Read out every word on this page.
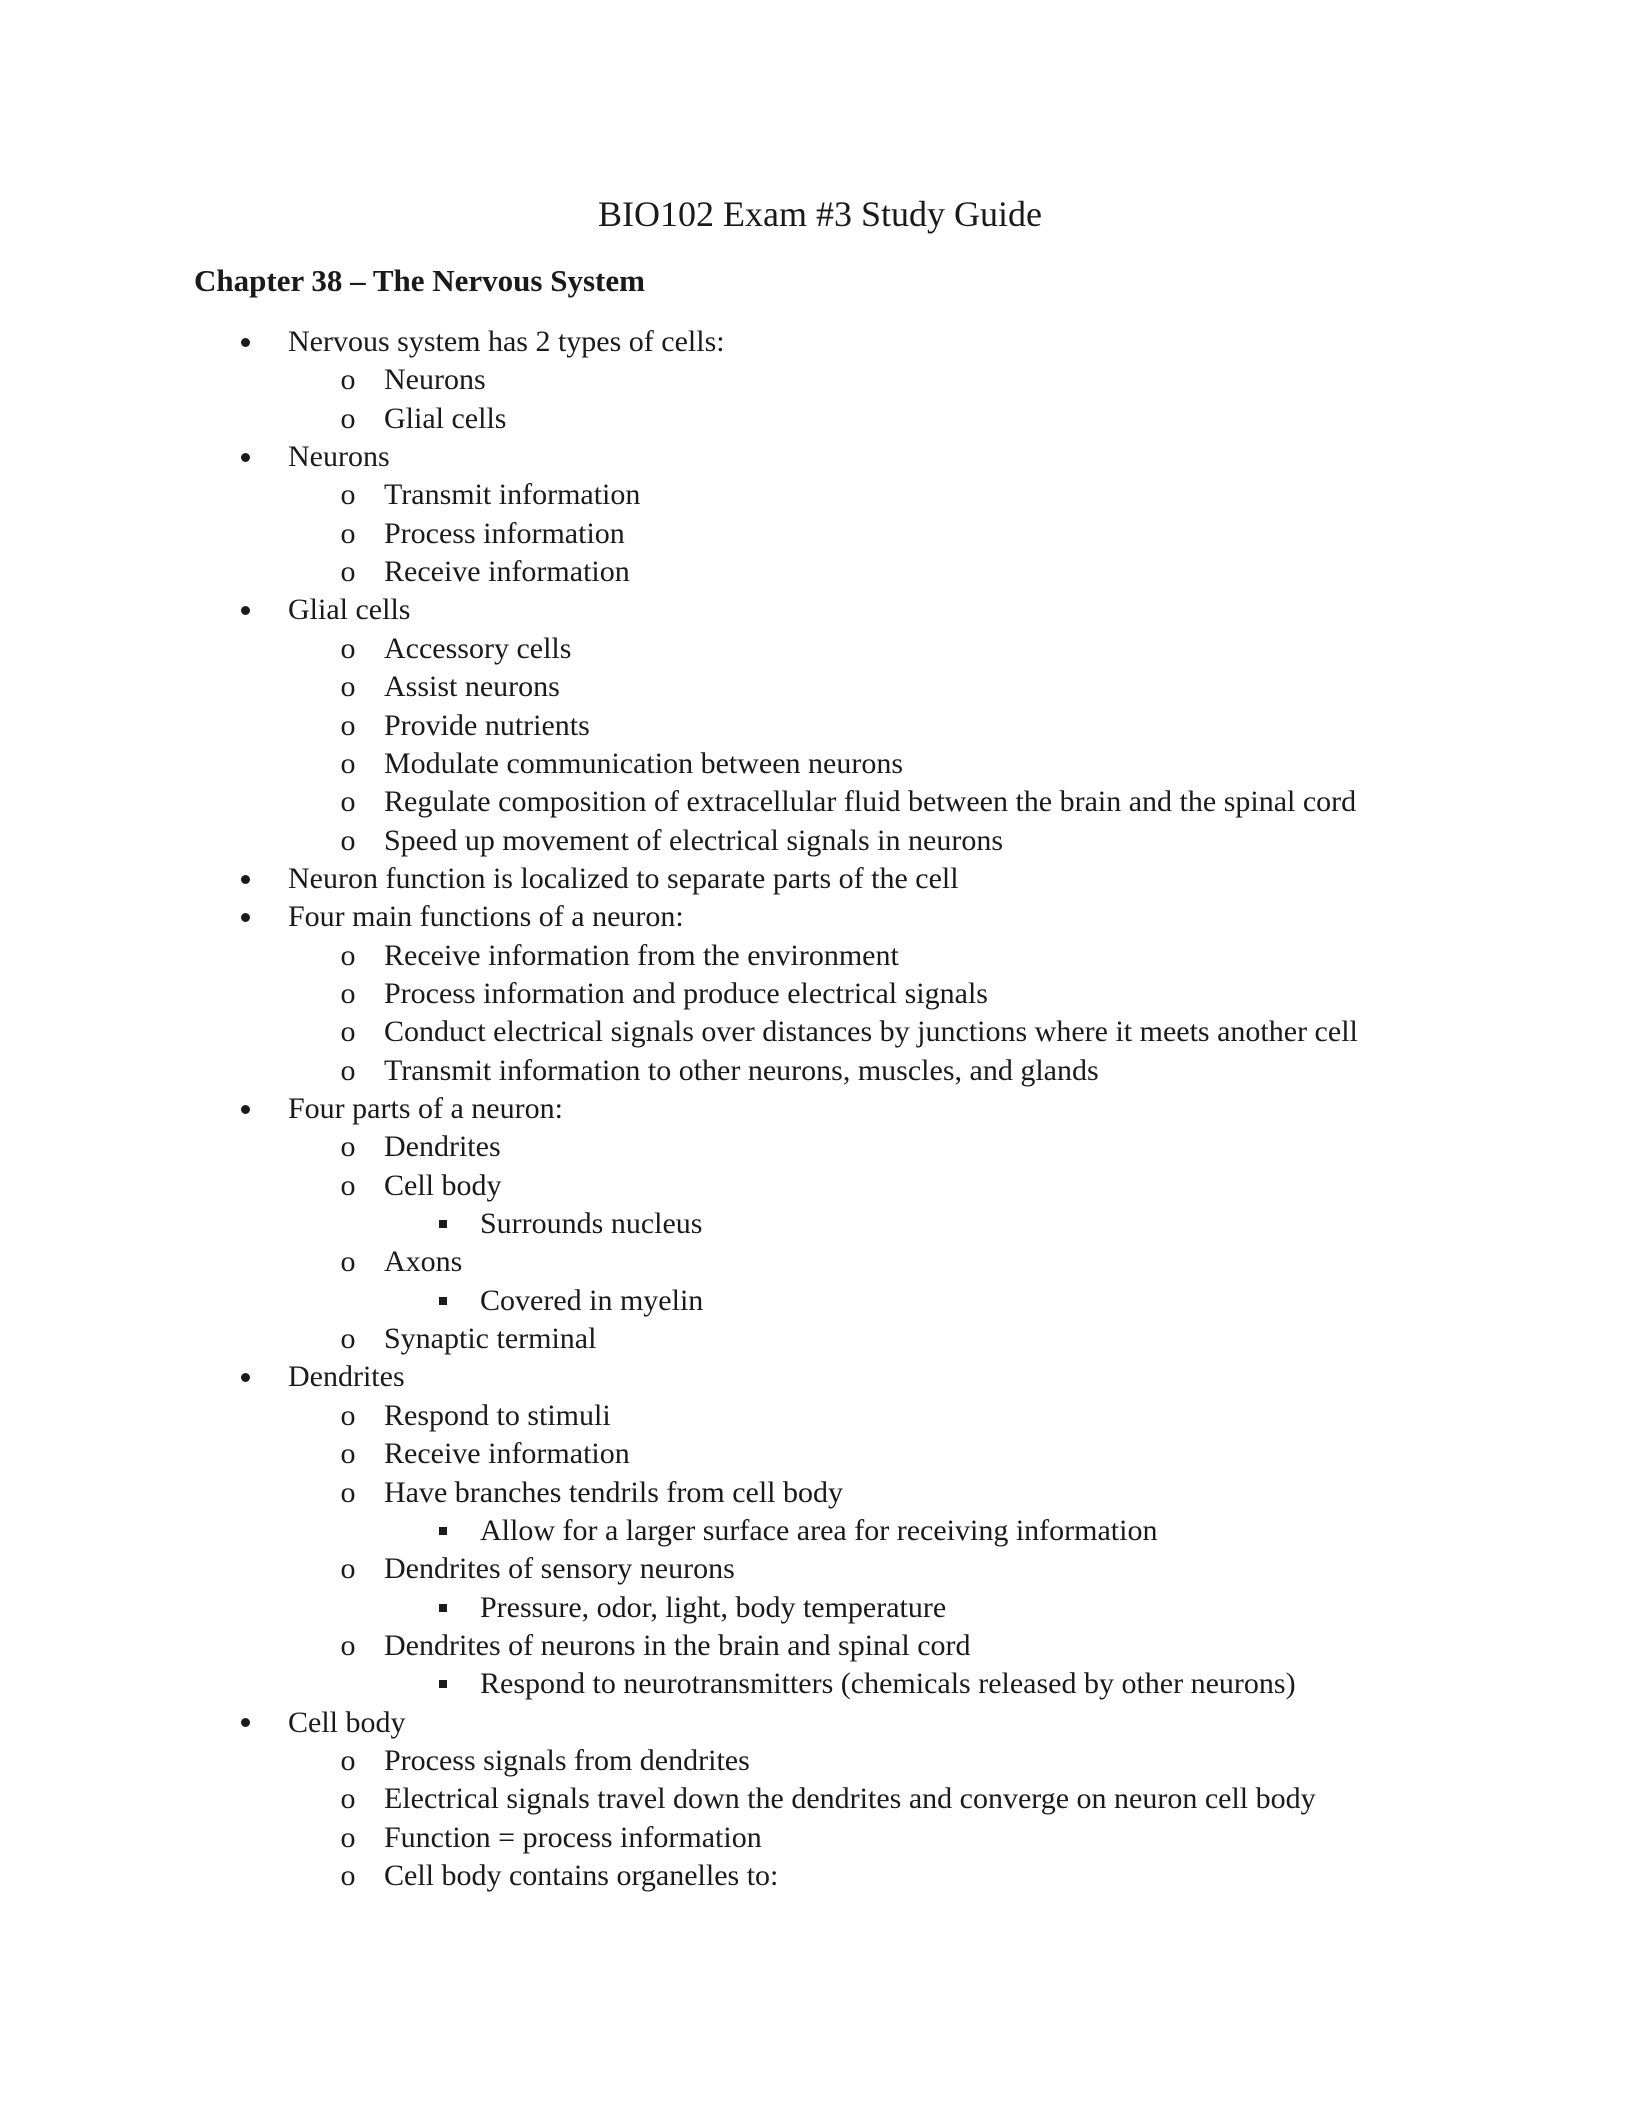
BIO102 Exam #3 Study Guide
Chapter 38 – The Nervous System
Nervous system has 2 types of cells:
o Neurons
o Glial cells
Neurons
o Transmit information
o Process information
o Receive information
Glial cells
o Accessory cells
o Assist neurons
o Provide nutrients
o Modulate communication between neurons
o Regulate composition of extracellular fluid between the brain and the spinal cord
o Speed up movement of electrical signals in neurons
Neuron function is localized to separate parts of the cell
Four main functions of a neuron:
o Receive information from the environment
o Process information and produce electrical signals
o Conduct electrical signals over distances by junctions where it meets another cell
o Transmit information to other neurons, muscles, and glands
Four parts of a neuron:
o Dendrites
o Cell body
Surrounds nucleus
o Axons
Covered in myelin
o Synaptic terminal
Dendrites
o Respond to stimuli
o Receive information
o Have branches tendrils from cell body
Allow for a larger surface area for receiving information
o Dendrites of sensory neurons
Pressure, odor, light, body temperature
o Dendrites of neurons in the brain and spinal cord
Respond to neurotransmitters (chemicals released by other neurons)
Cell body
o Process signals from dendrites
o Electrical signals travel down the dendrites and converge on neuron cell body
o Function = process information
o Cell body contains organelles to:
